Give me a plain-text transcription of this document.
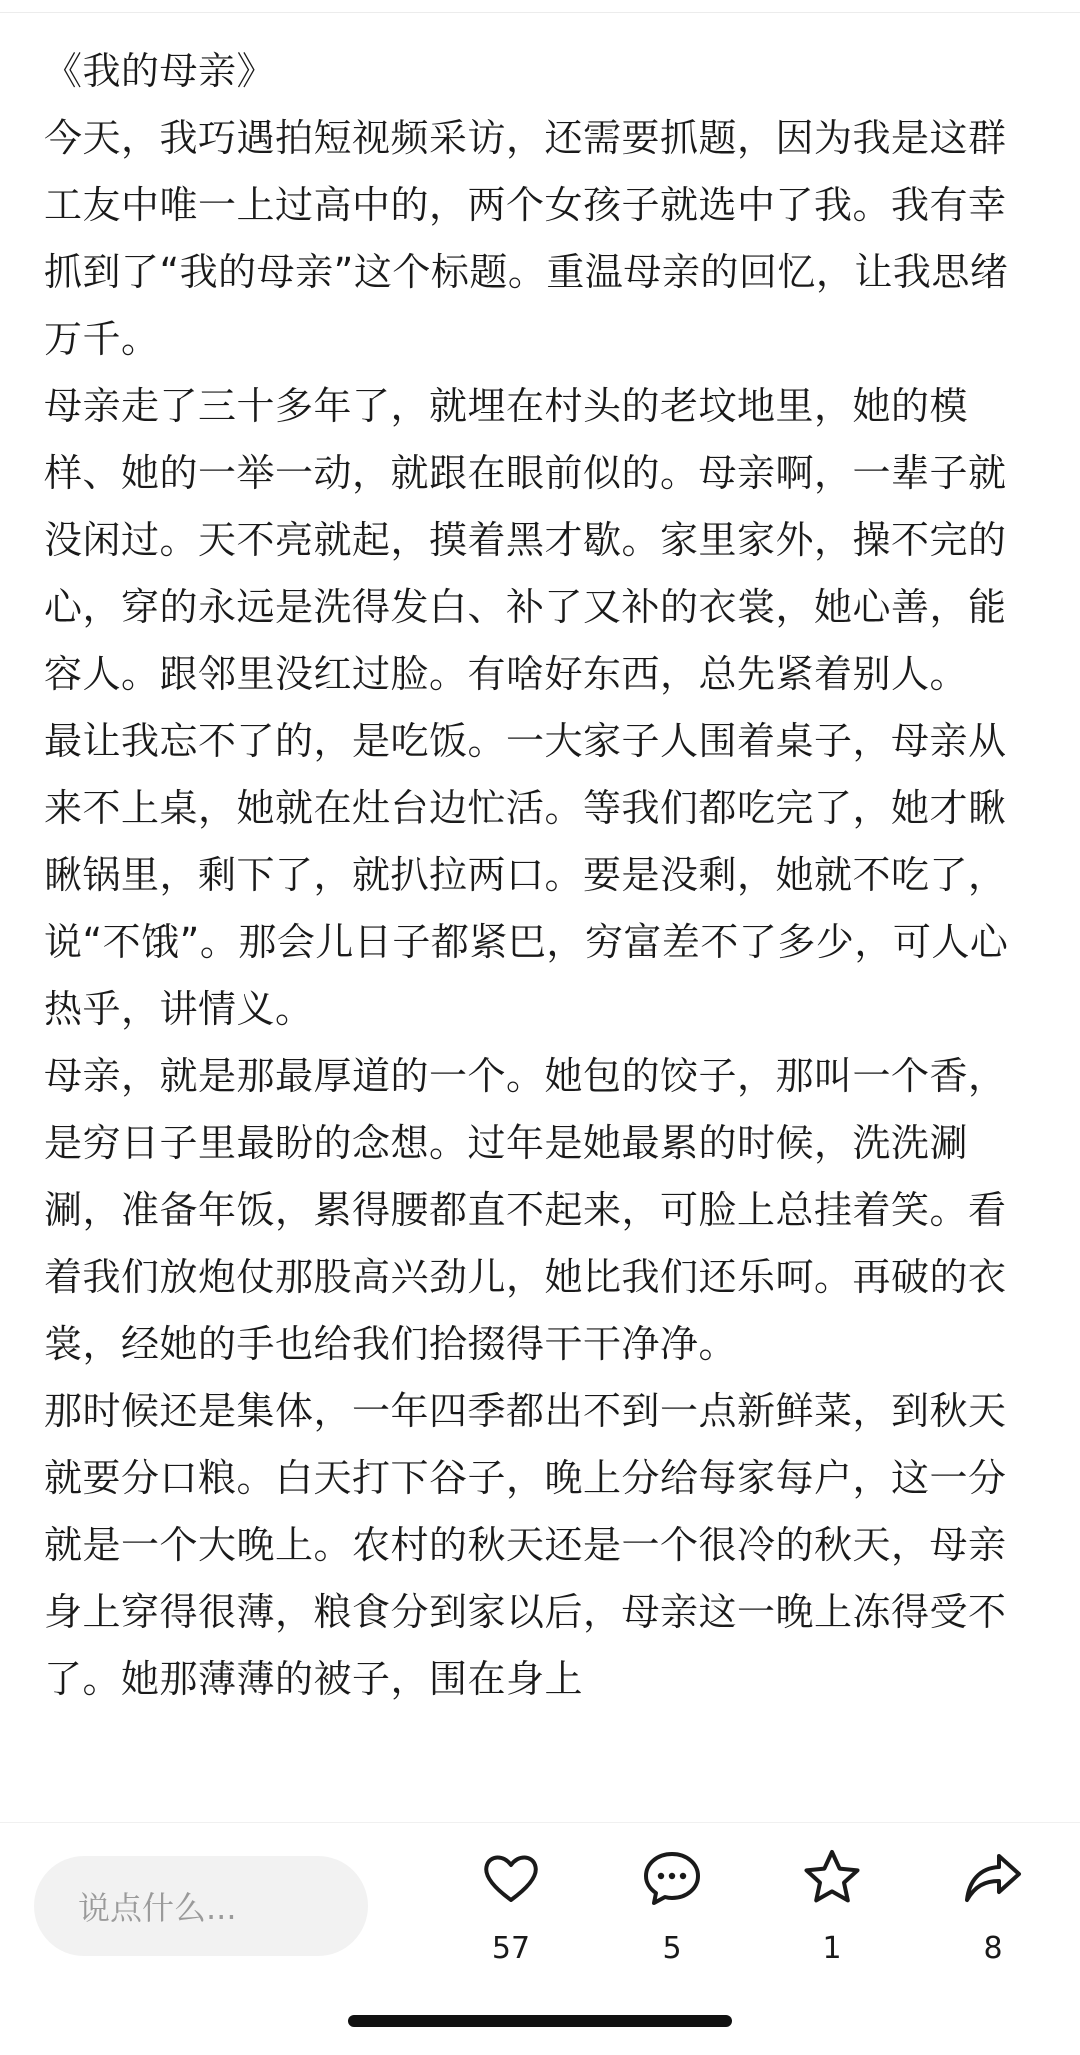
《我的母亲》

今天，我巧遇拍短视频采访，还需要抓题，因为我是这群工友中唯一上过高中的，两个女孩子就选中了我。我有幸抓到了“我的母亲”这个标题。重温母亲的回忆，让我思绪万千。

母亲走了三十多年了，就埋在村头的老坟地里，她的模样、她的一举一动，就跟在眼前似的。母亲啊，一辈子就没闲过。天不亮就起，摸着黑才歇。家里家外，操不完的心，穿的永远是洗得发白、补了又补的衣裳，她心善，能容人。跟邻里没红过脸。有啥好东西，总先紧着别人。

最让我忘不了的，是吃饭。一大家子人围着桌子，母亲从来不上桌，她就在灶台边忙活。等我们都吃完了，她才瞅瞅锅里，剩下了，就扒拉两口。要是没剩，她就不吃了，说“不饿”。那会儿日子都紧巴，穷富差不了多少，可人心热乎，讲情义。

母亲，就是那最厚道的一个。她包的饺子，那叫一个香，是穷日子里最盼的念想。过年是她最累的时候，洗洗涮涮，准备年饭，累得腰都直不起来，可脸上总挂着笑。看着我们放炮仗那股高兴劲儿，她比我们还乐呵。再破的衣裳，经她的手也给我们拾掇得干干净净。

那时候还是集体，一年四季都出不到一点新鲜菜，到秋天就要分口粮。白天打下谷子，晚上分给每家每户，这一分就是一个大晚上。农村的秋天还是一个很冷的秋天，母亲身上穿得很薄，粮食分到家以后，母亲这一晚上冻得受不了。她那薄薄的被子，围在身上

说点什么...
57	5	1	8
